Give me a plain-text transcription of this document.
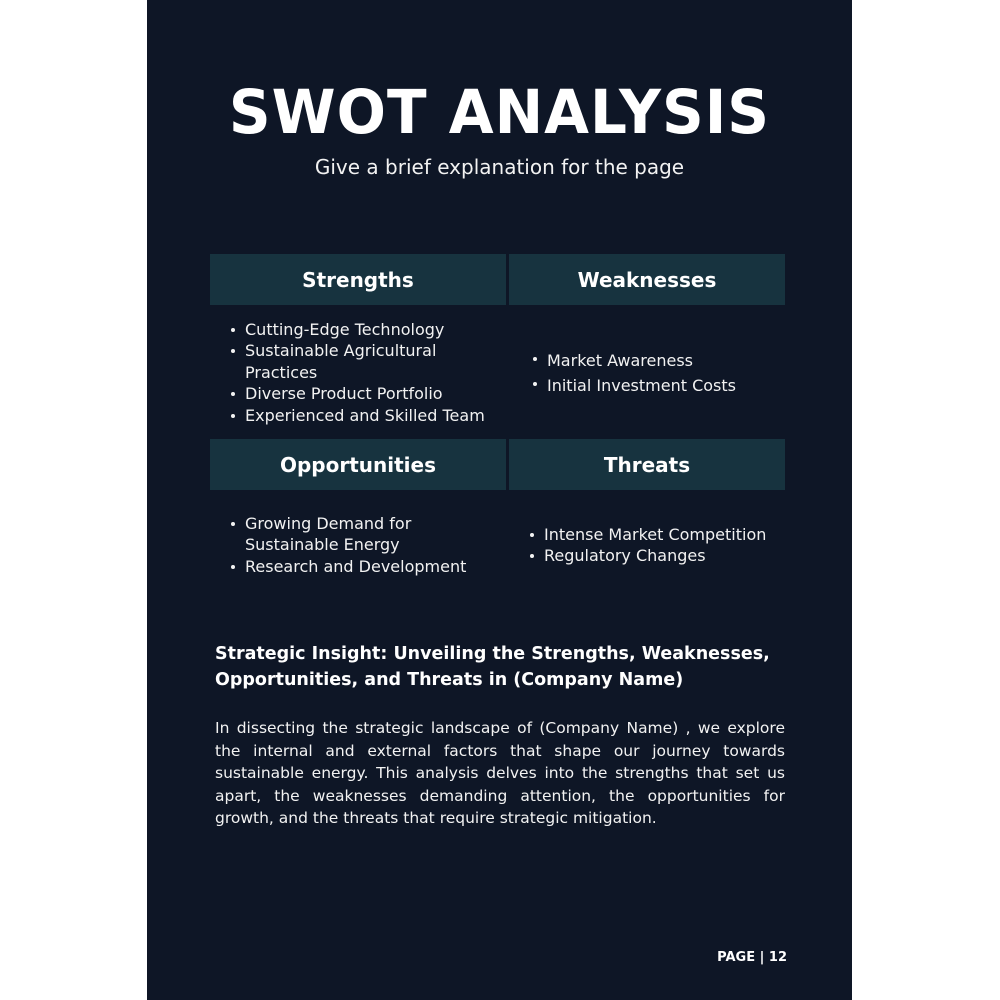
SWOT ANALYSIS
Give a brief explanation for the page
Strengths	Weaknesses
Cutting-Edge Technology
Sustainable Agricultural Practices
Diverse Product Portfolio
Experienced and Skilled Team
Market Awareness
Initial Investment Costs
Opportunities	Threats
Growing Demand for Sustainable Energy
Research and Development
Intense Market Competition
Regulatory Changes
Strategic Insight: Unveiling the Strengths, Weaknesses, Opportunities, and Threats in (Company Name)
In dissecting the strategic landscape of (Company Name) , we explore the internal and external factors that shape our journey towards sustainable energy. This analysis delves into the strengths that set us apart, the weaknesses demanding attention, the opportunities for growth, and the threats that require strategic mitigation.
PAGE | 12
